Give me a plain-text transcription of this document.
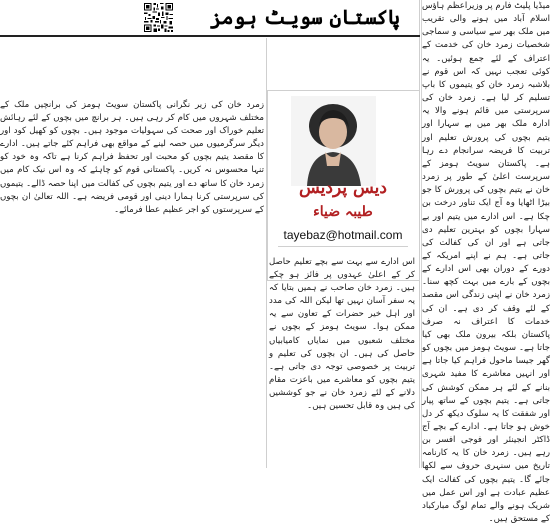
میڈیا پلیٹ فارم پر وزیراعظم ہاؤس اسلام آباد میں ہونے والی تقریب میں ملک بھر سے سیاسی و سماجی شخصیات زمرد خان کی خدمت کے اعتراف کے لئے جمع ہوئیں۔ یہ کوئی تعجب نہیں کہ اس قوم نے بلاشبہ زمرد خان کو یتیموں کا باپ تسلیم کر لیا ہے۔ زمرد خان کی سرپرستی میں قائم ہونے والا یہ ادارہ ملک بھر میں بے سہارا اور یتیم بچوں کی پرورش تعلیم اور تربیت کا فریضہ سرانجام دے رہا ہے۔ پاکستان سویٹ ہومز کے سرپرست اعلیٰ کے طور پر زمرد خان نے یتیم بچوں کی پرورش کا جو بیڑا اٹھایا وہ آج ایک تناور درخت بن چکا ہے۔ اس ادارے میں یتیم اور بے سہارا بچوں کو بہترین تعلیم دی جاتی ہے اور ان کی کفالت کی جاتی ہے۔ ہم نے اپنے امریکہ کے دورے کے دوران بھی اس ادارے کے بچوں کے بارے میں بہت کچھ سنا۔ زمرد خان نے اپنی زندگی اس مقصد کے لئے وقف کر دی ہے۔ ان کی خدمات کا اعتراف نہ صرف پاکستان بلکہ بیرون ملک بھی کیا جاتا ہے۔ سویٹ ہومز میں بچوں کو گھر جیسا ماحول فراہم کیا جاتا ہے اور انہیں معاشرے کا مفید شہری بنانے کے لئے ہر ممکن کوشش کی جاتی ہے۔ یتیم بچوں کے ساتھ پیار اور شفقت کا یہ سلوک دیکھ کر دل خوش ہو جاتا ہے۔ ادارے کے بچے آج ڈاکٹر انجینئر اور فوجی افسر بن رہے ہیں۔ زمرد خان کا یہ کارنامہ تاریخ میں سنہری حروف سے لکھا جائے گا۔ یتیم بچوں کی کفالت ایک عظیم عبادت ہے اور اس عمل میں شریک ہونے والے تمام لوگ مبارکباد کے مستحق ہیں۔

پاکستان سویٹ ہومز
دیس پردیس
طیبہ ضیاء
tayebaz@hotmail.com

اس ادارے سے بہت سے بچے تعلیم حاصل کر کے اعلیٰ عہدوں پر فائز ہو چکے ہیں۔ زمرد خان صاحب نے ہمیں بتایا کہ یہ سفر آسان نہیں تھا لیکن اللہ کی مدد اور اہل خیر حضرات کے تعاون سے یہ ممکن ہوا۔ سویٹ ہومز کے بچوں نے مختلف شعبوں میں نمایاں کامیابیاں حاصل کی ہیں۔ ان بچوں کی تعلیم و تربیت پر خصوصی توجہ دی جاتی ہے۔ یتیم بچوں کو معاشرے میں باعزت مقام دلانے کے لئے زمرد خان نے جو کوششیں کی ہیں وہ قابل تحسین ہیں۔

زمرد خان کی زیر نگرانی پاکستان سویٹ ہومز کی برانچیں ملک کے مختلف شہروں میں کام کر رہی ہیں۔ ہر برانچ میں بچوں کے لئے رہائش تعلیم خوراک اور صحت کی سہولیات موجود ہیں۔ بچوں کو کھیل کود اور دیگر سرگرمیوں میں حصہ لینے کے مواقع بھی فراہم کئے جاتے ہیں۔ ادارے کا مقصد یتیم بچوں کو محبت اور تحفظ فراہم کرنا ہے تاکہ وہ خود کو تنہا محسوس نہ کریں۔ پاکستانی قوم کو چاہئے کہ وہ اس نیک کام میں زمرد خان کا ساتھ دے اور یتیم بچوں کی کفالت میں اپنا حصہ ڈالے۔ یتیموں کی سرپرستی کرنا ہمارا دینی اور قومی فریضہ ہے۔ اللہ تعالیٰ ان بچوں کے سرپرستوں کو اجر عظیم عطا فرمائے۔
